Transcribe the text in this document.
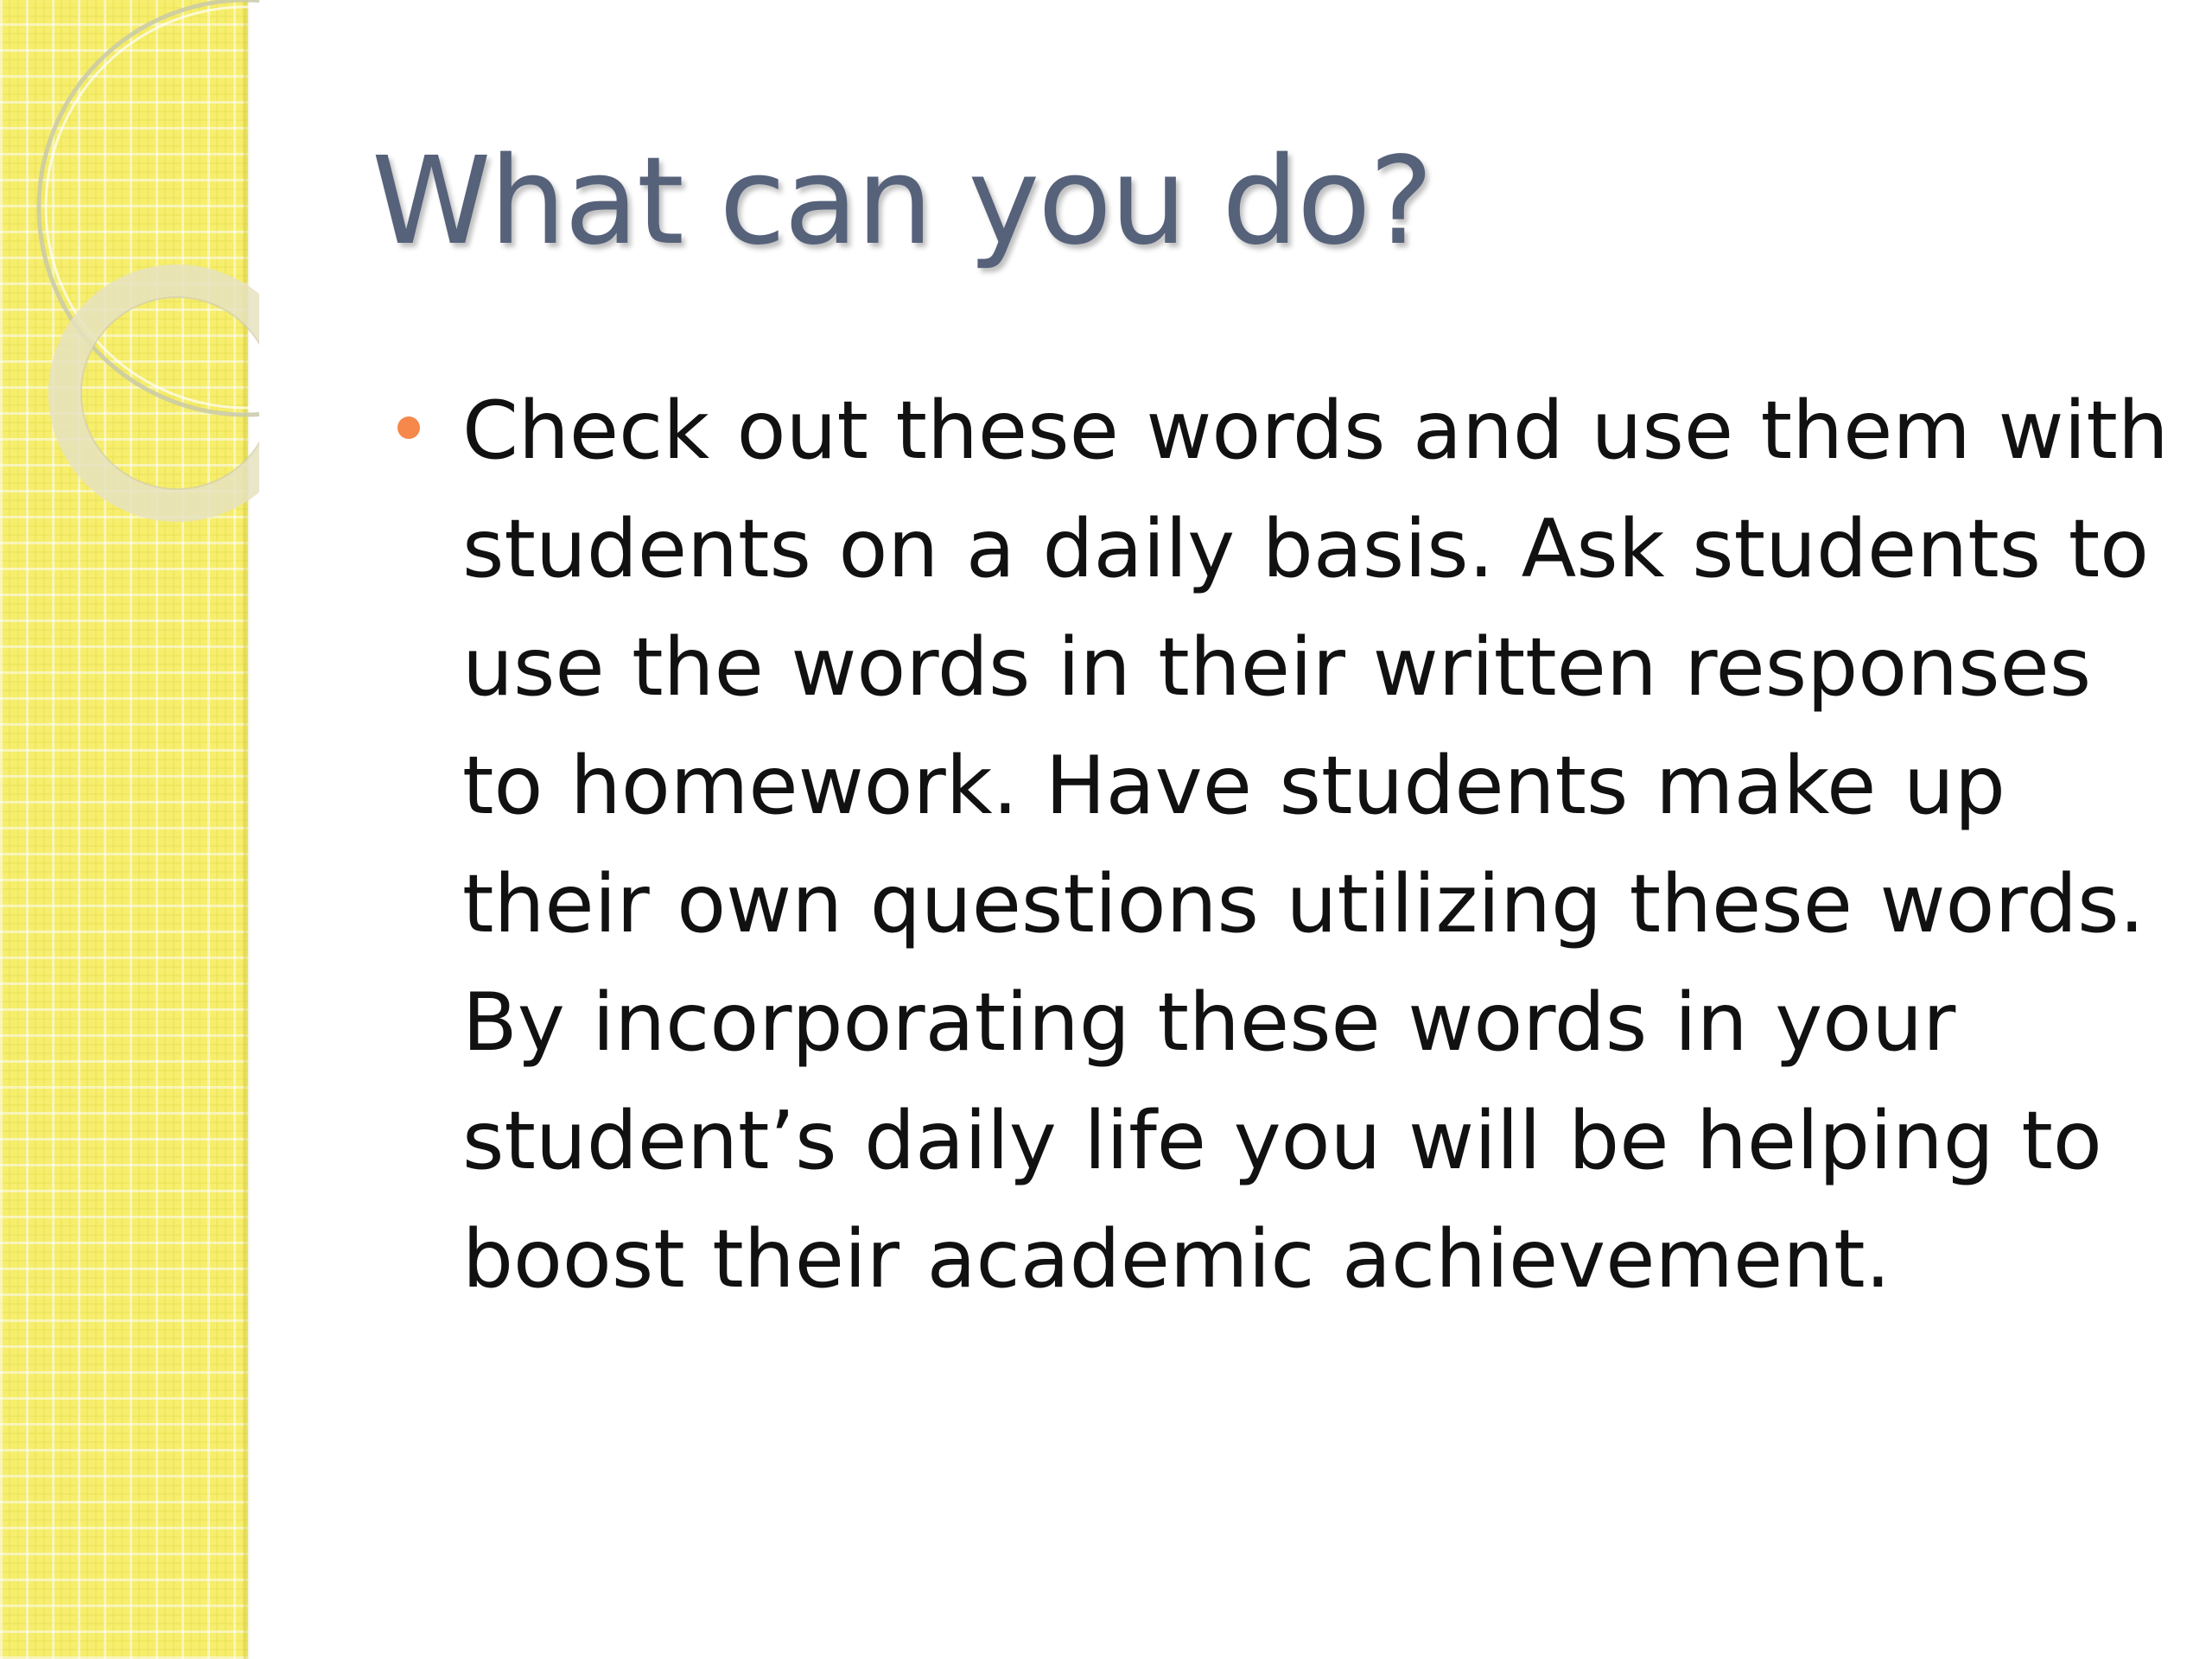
What can you do?

Check out these words and use them with students on a daily basis. Ask students to use the words in their written responses to homework. Have students make up their own questions utilizing these words. By incorporating these words in your student’s daily life you will be helping to boost their academic achievement.
